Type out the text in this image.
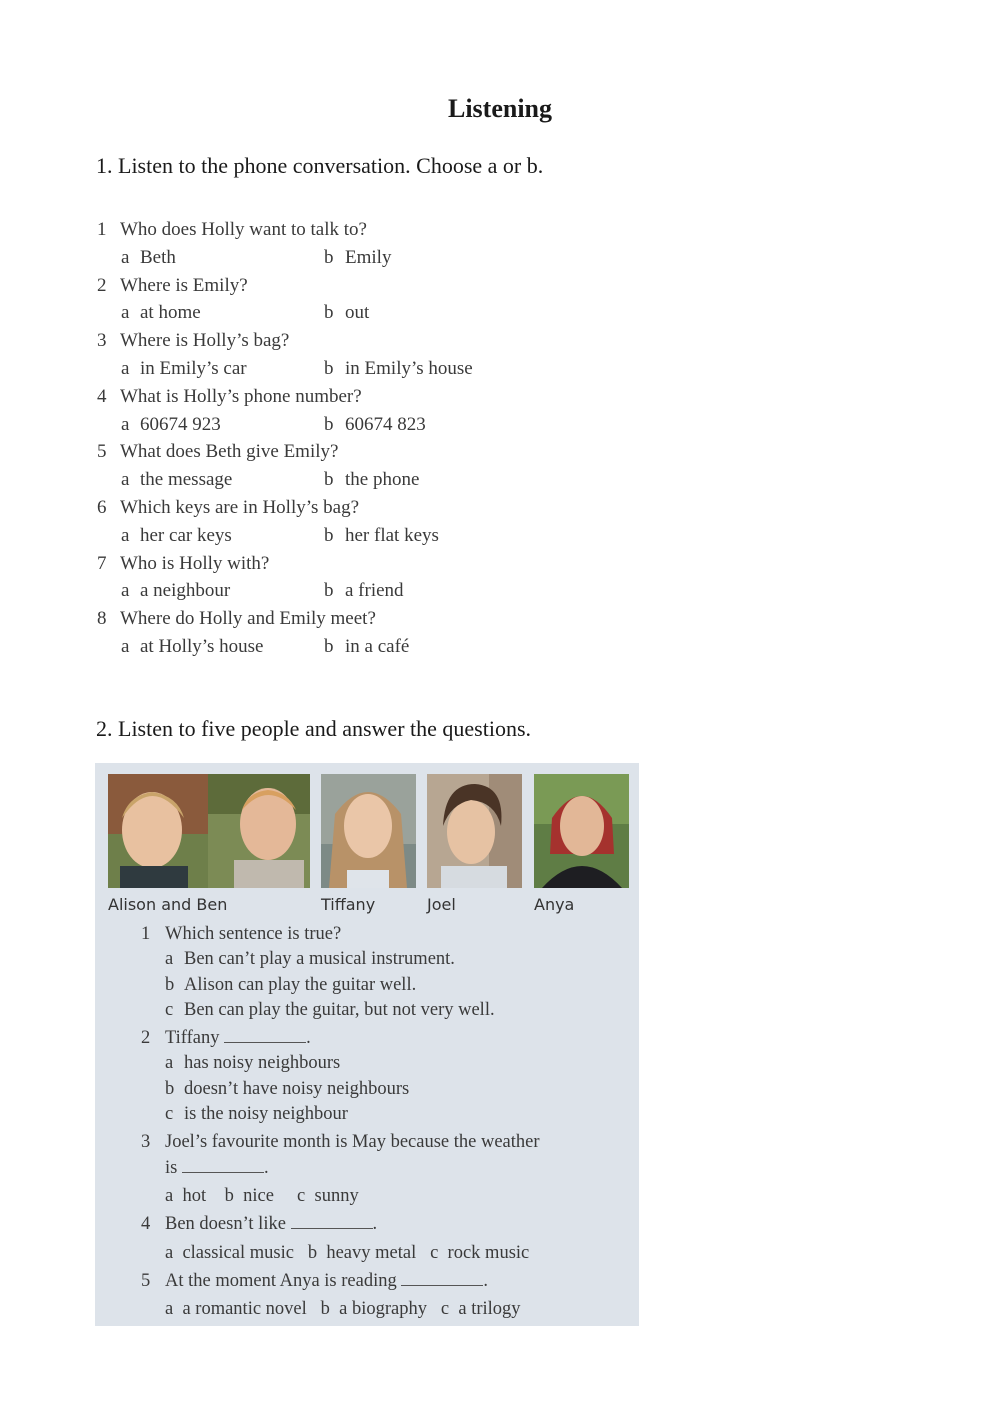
Listening
1. Listen to the phone conversation. Choose a or b.
1 Who does Holly want to talk to?
a Beth	b Emily
2 Where is Emily?
a at home	b out
3 Where is Holly’s bag?
a in Emily’s car	b in Emily’s house
4 What is Holly’s phone number?
a 60674 923	b 60674 823
5 What does Beth give Emily?
a the message	b the phone
6 Which keys are in Holly’s bag?
a her car keys	b her flat keys
7 Who is Holly with?
a a neighbour	b a friend
8 Where do Holly and Emily meet?
a at Holly’s house	b in a café
2. Listen to five people and answer the questions.
Alison and Ben	Tiffany	Joel	Anya
1 Which sentence is true?
a Ben can’t play a musical instrument.
b Alison can play the guitar well.
c Ben can play the guitar, but not very well.
2 Tiffany	.
a has noisy neighbours
b doesn’t have noisy neighbours
c is the noisy neighbour
3 Joel’s favourite month is May because the weather
is	.
a  hot b  nice c  sunny
4 Ben doesn’t like	.
a  classical music b  heavy metal c  rock music
5 At the moment Anya is reading	.
a  a romantic novel b  a biography c  a trilogy
